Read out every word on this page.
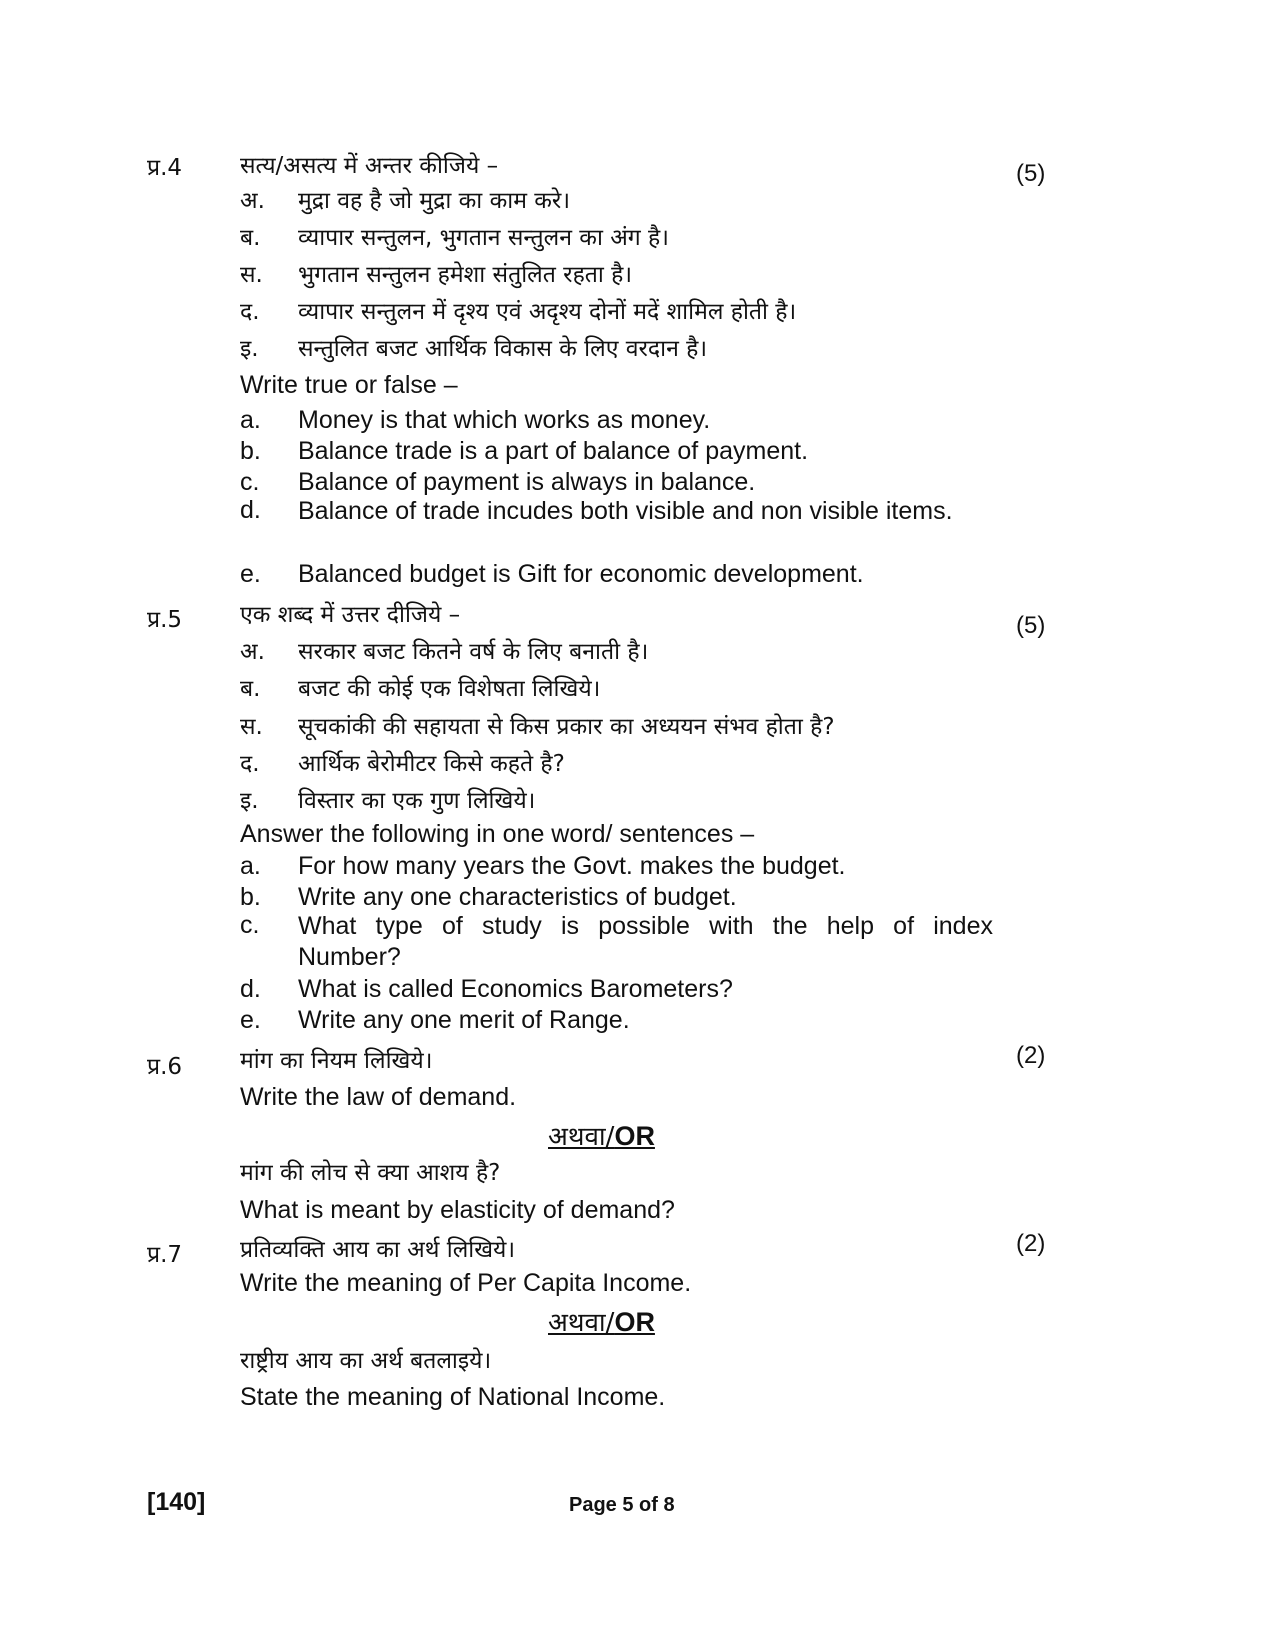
प्र.4	सत्य/असत्य में अन्तर कीजिये –	(5)
अ.	मुद्रा वह है जो मुद्रा का काम करे।
ब.	व्यापार सन्तुलन, भुगतान सन्तुलन का अंग है।
स.	भुगतान सन्तुलन हमेशा संतुलित रहता है।
द.	व्यापार सन्तुलन में दृश्य एवं अदृश्य दोनों मदें शामिल होती है।
इ.	सन्तुलित बजट आर्थिक विकास के लिए वरदान है।
Write true or false –
a.	Money is that which works as money.
b.	Balance trade is a part of balance of payment.
c.	Balance of payment is always in balance.
d.	Balance of trade incudes both visible and non visible items.
e.	Balanced budget is Gift for economic development.
प्र.5	एक शब्द में उत्तर दीजिये –	(5)
अ.	सरकार बजट कितने वर्ष के लिए बनाती है।
ब.	बजट की कोई एक विशेषता लिखिये।
स.	सूचकांकी की सहायता से किस प्रकार का अध्ययन संभव होता है?
द.	आर्थिक बेरोमीटर किसे कहते है?
इ.	विस्तार का एक गुण लिखिये।
Answer the following in one word/ sentences –
a.	For how many years the Govt. makes the budget.
b.	Write any one characteristics of budget.
c.	What type of study is possible with the help of index Number?
d.	What is called Economics Barometers?
e.	Write any one merit of Range.
प्र.6	मांग का नियम लिखिये।	(2)
Write the law of demand.
अथवा/OR
मांग की लोच से क्या आशय है?
What is meant by elasticity of demand?
प्र.7	प्रतिव्यक्ति आय का अर्थ लिखिये।	(2)
Write the meaning of Per Capita Income.
अथवा/OR
राष्ट्रीय आय का अर्थ बतलाइये।
State the meaning of National Income.
[140]	Page 5 of 8
